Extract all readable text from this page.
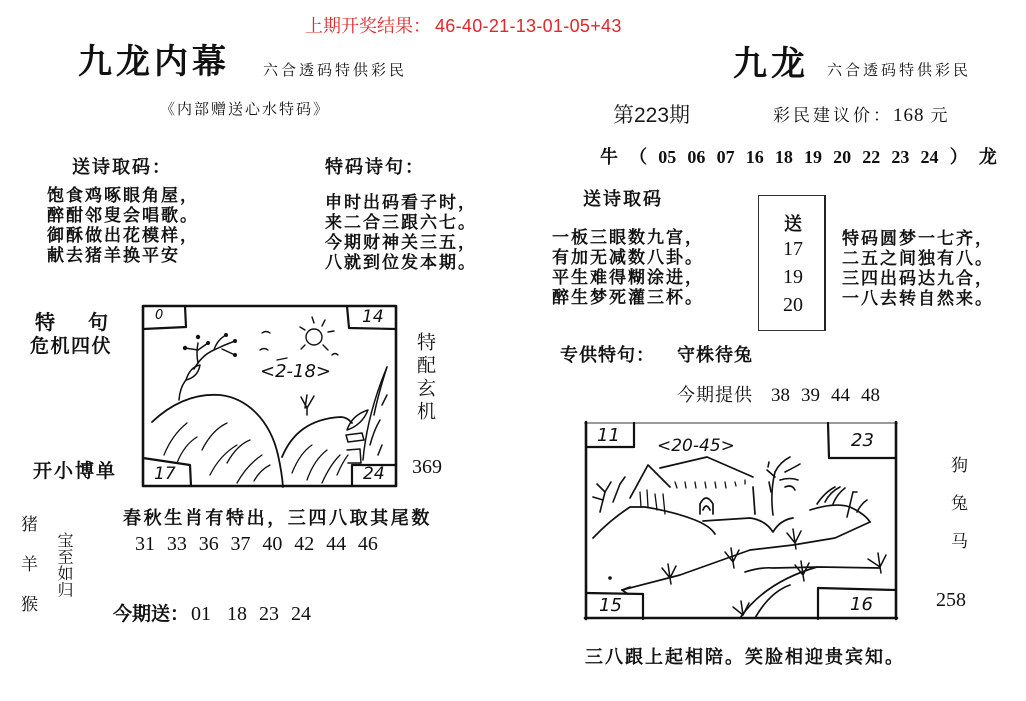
上期开奖结果： 46-40-21-13-01-05+43
九龙内幕 六合透码特供彩民
《内部赠送心水特码》
送诗取码：
饱食鸡啄眼角屋，
醉酣邻叟会唱歌。
御酥做出花模样，
献去猪羊换平安
特码诗句：
申时出码看子时，
来二合三跟六七。
今期财神关三五，
八就到位发本期。
特句
危机四伏
开小博单
0	14
17	24
<2-18>	特配玄机
369
春秋生肖有特出，三四八取其尾数
31 33 36 37 40 42 44 46
猪羊猴 宝至如归
今期送： 01 18 23 24
九龙 六合透码特供彩民
第223期	彩民建议价： 168 元
牛 （ 05 06 07 16 18 19 20 22 23 24 ） 龙
送诗取码
一板三眼数九宫，
有加无减数八卦。
平生难得糊涂进，
醉生梦死灌三杯。
送
17
19
20
特码圆梦一七齐，
二五之间独有八。
三四出码达九合，
一八去转自然来。
专供特句： 守株待兔
今期提供 38 39 44 48
11	23
15	16
<20-45>
狗兔马
258
三八跟上起相陪。笑脸相迎贵宾知。
